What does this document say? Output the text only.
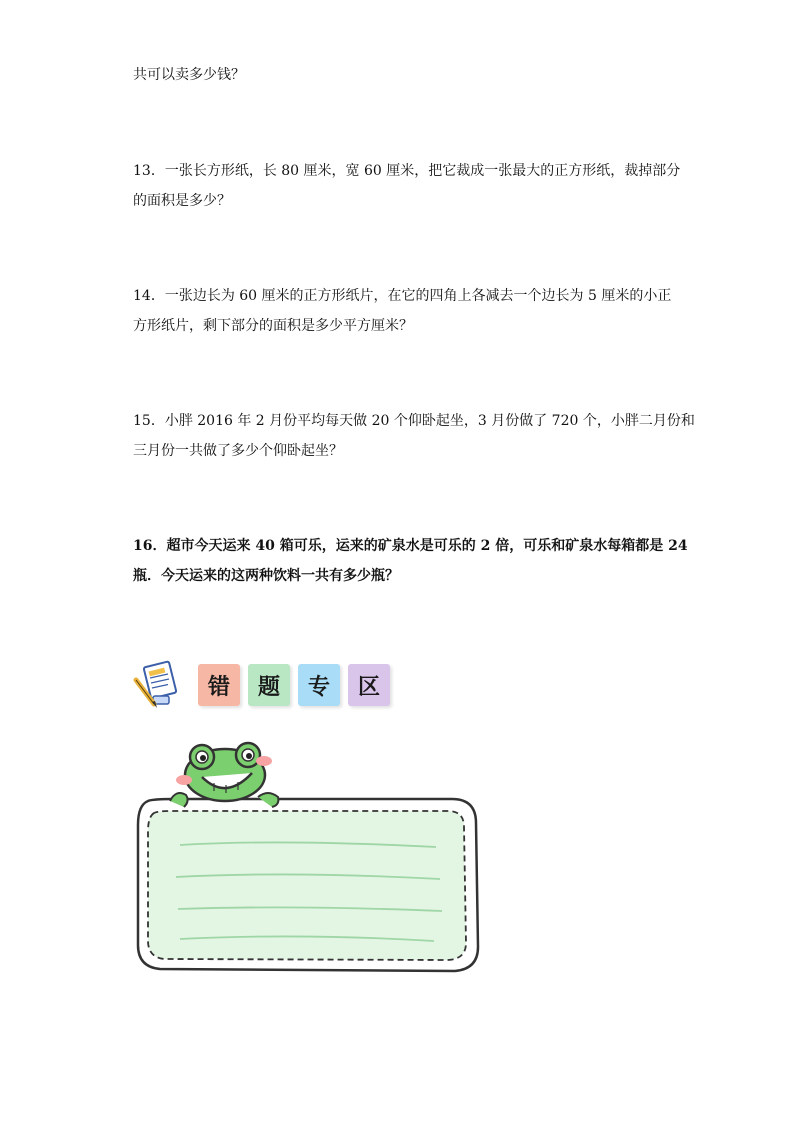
共可以卖多少钱？
13．一张长方形纸，长 80 厘米，宽 60 厘米，把它裁成一张最大的正方形纸，裁掉部分
的面积是多少？
14．一张边长为 60 厘米的正方形纸片，在它的四角上各减去一个边长为 5 厘米的小正
方形纸片，剩下部分的面积是多少平方厘米？
15．小胖 2016 年 2 月份平均每天做 20 个仰卧起坐，3 月份做了 720 个，小胖二月份和
三月份一共做了多少个仰卧起坐？
16．超市今天运来 40 箱可乐，运来的矿泉水是可乐的 2 倍，可乐和矿泉水每箱都是 24
瓶．今天运来的这两种饮料一共有多少瓶？
错	题	专	区
